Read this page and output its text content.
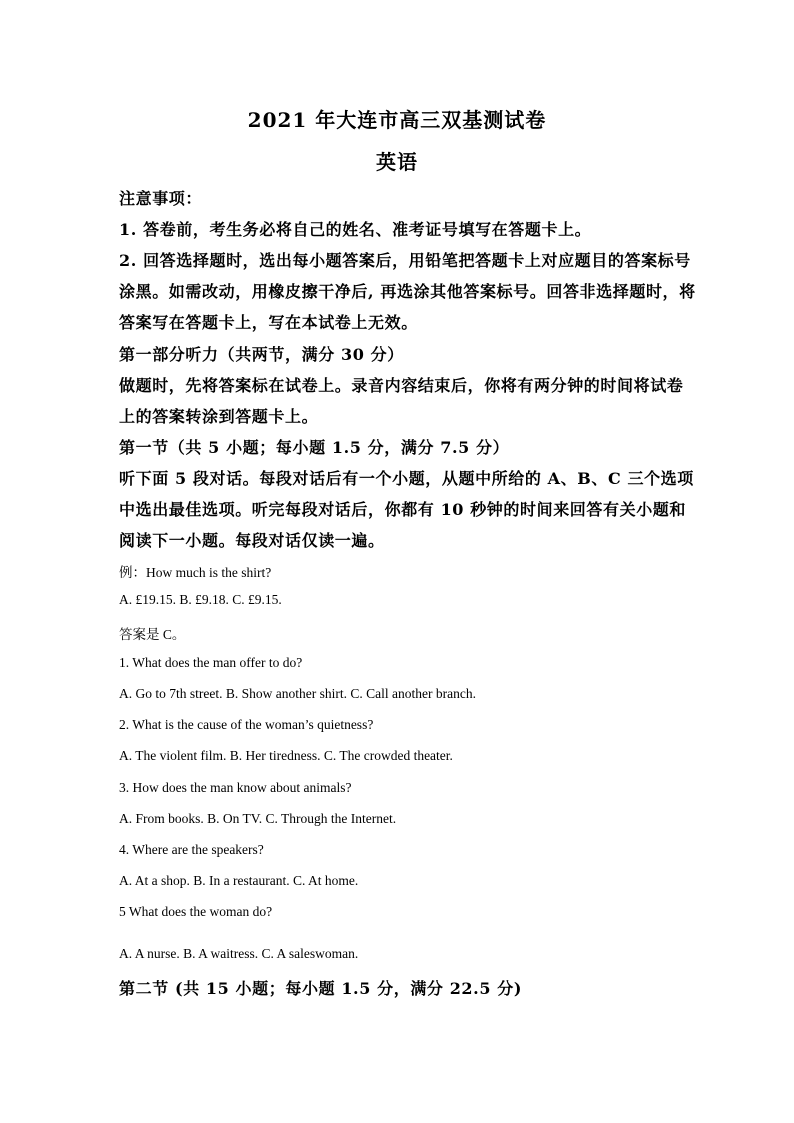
2021 年大连市高三双基测试卷
英语
注意事项：
1. 答卷前，考生务必将自己的姓名、准考证号填写在答题卡上。
2. 回答选择题时，选出每小题答案后，用铅笔把答题卡上对应题目的答案标号
涂黑。如需改动，用橡皮擦干净后, 再选涂其他答案标号。回答非选择题时，将
答案写在答题卡上，写在本试卷上无效。
第一部分听力（共两节，满分 30 分）
做题时，先将答案标在试卷上。录音内容结束后，你将有两分钟的时间将试卷
上的答案转涂到答题卡上。
第一节（共 5 小题；每小题 1.5 分，满分 7.5 分）
听下面 5 段对话。每段对话后有一个小题，从题中所给的 A、B、C 三个选项
中选出最佳选项。听完每段对话后，你都有 10 秒钟的时间来回答有关小题和
阅读下一小题。每段对话仅读一遍。
例：How much is the shirt?
A. £19.15. B. £9.18. C. £9.15.
答案是 C。
1. What does the man offer to do?
A. Go to 7th street. B. Show another shirt. C. Call another branch.
2. What is the cause of the woman’s quietness?
A. The violent film. B. Her tiredness. C. The crowded theater.
3. How does the man know about animals?
A. From books. B. On TV. C. Through the Internet.
4. Where are the speakers?
A. At a shop. B. In a restaurant. C. At home.
5 What does the woman do?
A. A nurse. B. A waitress. C. A saleswoman.
第二节 (共 15 小题；每小题 1.5 分，满分 22.5 分)
